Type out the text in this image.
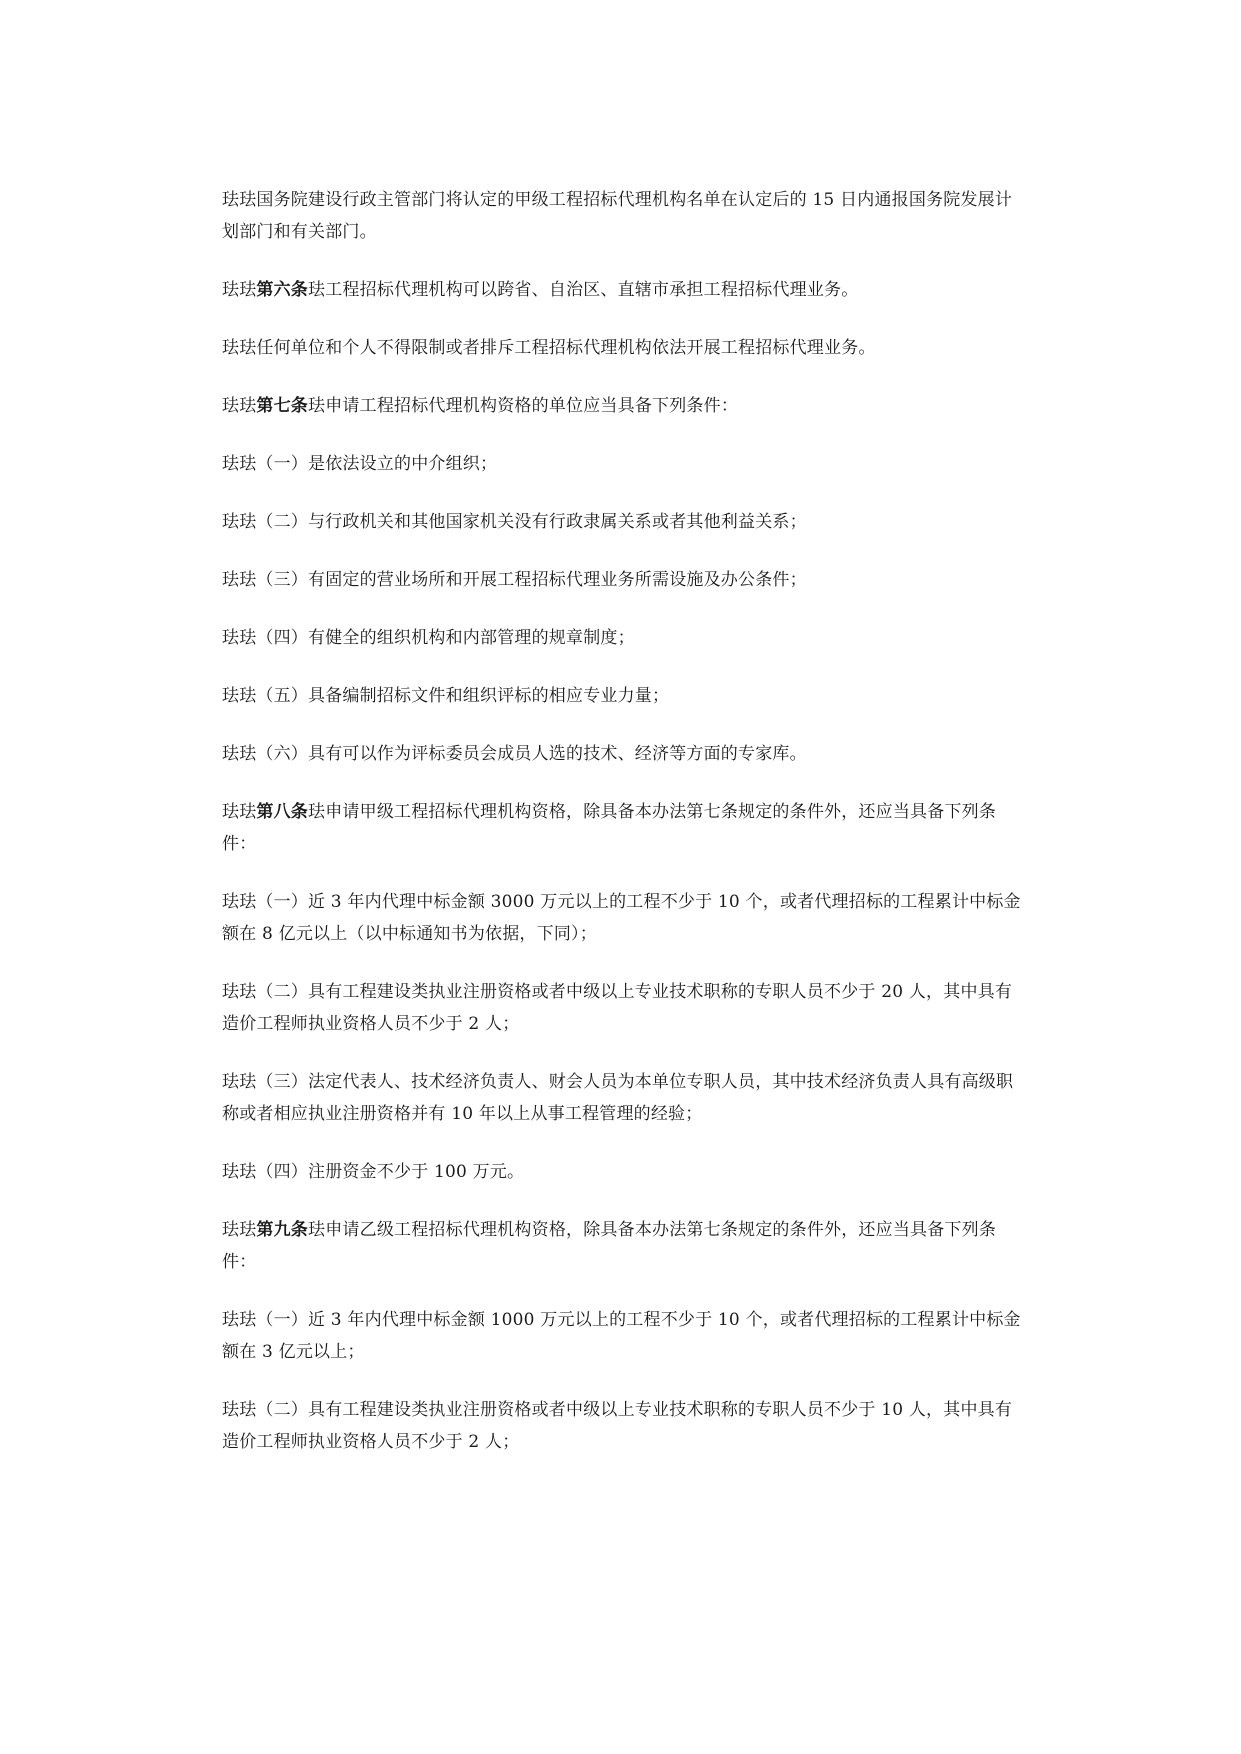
珐珐国务院建设行政主管部门将认定的甲级工程招标代理机构名单在认定后的 15 日内通报国务院发展计划部门和有关部门。

珐珐第六条珐工程招标代理机构可以跨省、自治区、直辖市承担工程招标代理业务。

珐珐任何单位和个人不得限制或者排斥工程招标代理机构依法开展工程招标代理业务。

珐珐第七条珐申请工程招标代理机构资格的单位应当具备下列条件：

珐珐（一）是依法设立的中介组织；

珐珐（二）与行政机关和其他国家机关没有行政隶属关系或者其他利益关系；

珐珐（三）有固定的营业场所和开展工程招标代理业务所需设施及办公条件；

珐珐（四）有健全的组织机构和内部管理的规章制度；

珐珐（五）具备编制招标文件和组织评标的相应专业力量；

珐珐（六）具有可以作为评标委员会成员人选的技术、经济等方面的专家库。

珐珐第八条珐申请甲级工程招标代理机构资格，除具备本办法第七条规定的条件外，还应当具备下列条件：

珐珐（一）近 3 年内代理中标金额 3000 万元以上的工程不少于 10 个，或者代理招标的工程累计中标金额在 8 亿元以上（以中标通知书为依据，下同）；

珐珐（二）具有工程建设类执业注册资格或者中级以上专业技术职称的专职人员不少于 20 人，其中具有造价工程师执业资格人员不少于 2 人；

珐珐（三）法定代表人、技术经济负责人、财会人员为本单位专职人员，其中技术经济负责人具有高级职称或者相应执业注册资格并有 10 年以上从事工程管理的经验；

珐珐（四）注册资金不少于 100 万元。

珐珐第九条珐申请乙级工程招标代理机构资格，除具备本办法第七条规定的条件外，还应当具备下列条件：

珐珐（一）近 3 年内代理中标金额 1000 万元以上的工程不少于 10 个，或者代理招标的工程累计中标金额在 3 亿元以上；

珐珐（二）具有工程建设类执业注册资格或者中级以上专业技术职称的专职人员不少于 10 人，其中具有造价工程师执业资格人员不少于 2 人；
